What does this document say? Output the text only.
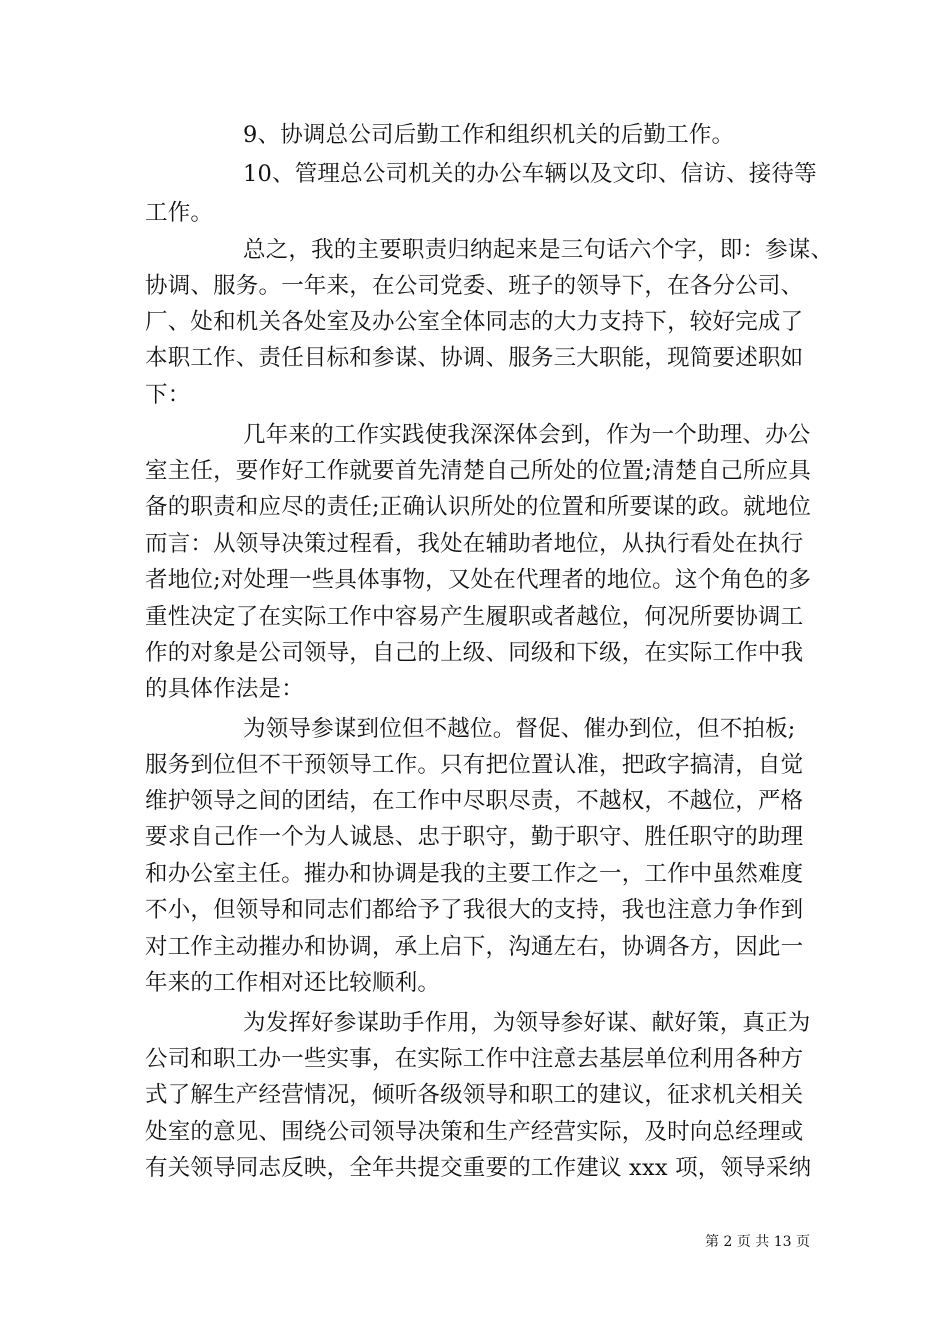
9、协调总公司后勤工作和组织机关的后勤工作。
10、管理总公司机关的办公车辆以及文印、信访、接待等
工作。
总之，我的主要职责归纳起来是三句话六个字，即：参谋、
协调、服务。一年来，在公司党委、班子的领导下，在各分公司、
厂、处和机关各处室及办公室全体同志的大力支持下，较好完成了
本职工作、责任目标和参谋、协调、服务三大职能，现简要述职如
下：
几年来的工作实践使我深深体会到，作为一个助理、办公
室主任，要作好工作就要首先清楚自己所处的位置;清楚自己所应具
备的职责和应尽的责任;正确认识所处的位置和所要谋的政。就地位
而言：从领导决策过程看，我处在辅助者地位，从执行看处在执行
者地位;对处理一些具体事物，又处在代理者的地位。这个角色的多
重性决定了在实际工作中容易产生履职或者越位，何况所要协调工
作的对象是公司领导，自己的上级、同级和下级，在实际工作中我
的具体作法是：
为领导参谋到位但不越位。督促、催办到位，但不拍板;
服务到位但不干预领导工作。只有把位置认准，把政字搞清，自觉
维护领导之间的团结，在工作中尽职尽责，不越权，不越位，严格
要求自己作一个为人诚恳、忠于职守，勤于职守、胜任职守的助理
和办公室主任。摧办和协调是我的主要工作之一，工作中虽然难度
不小，但领导和同志们都给予了我很大的支持，我也注意力争作到
对工作主动摧办和协调，承上启下，沟通左右，协调各方，因此一
年来的工作相对还比较顺利。
为发挥好参谋助手作用，为领导参好谋、献好策，真正为
公司和职工办一些实事，在实际工作中注意去基层单位利用各种方
式了解生产经营情况，倾听各级领导和职工的建议，征求机关相关
处室的意见、围绕公司领导决策和生产经营实际，及时向总经理或
有关领导同志反映，全年共提交重要的工作建议 xxx 项，领导采纳
第 2 页 共 13 页
